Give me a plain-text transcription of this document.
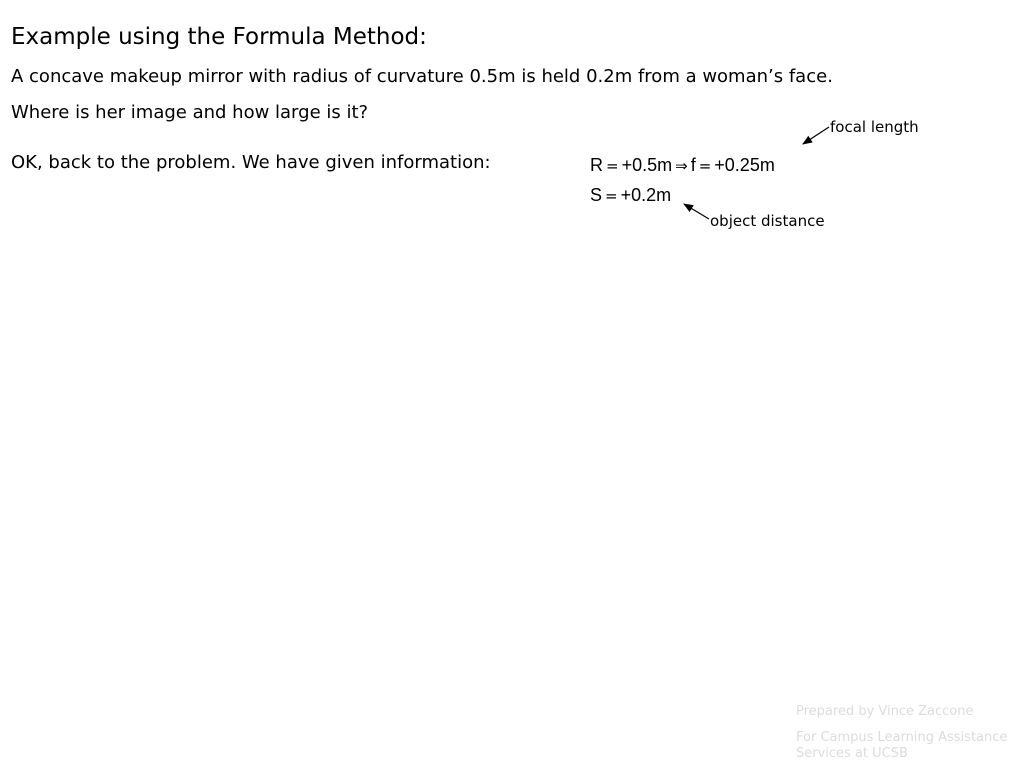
Example using the Formula Method:
A concave makeup mirror with radius of curvature 0.5m is held 0.2m from a woman’s face.
Where is her image and how large is it?
OK, back to the problem. We have given information:	R = +0.5m ⇒ f = +0.25m
S = +0.2m
focal length
object distance
Prepared by Vince Zaccone
For Campus Learning Assistance Services at UCSB
